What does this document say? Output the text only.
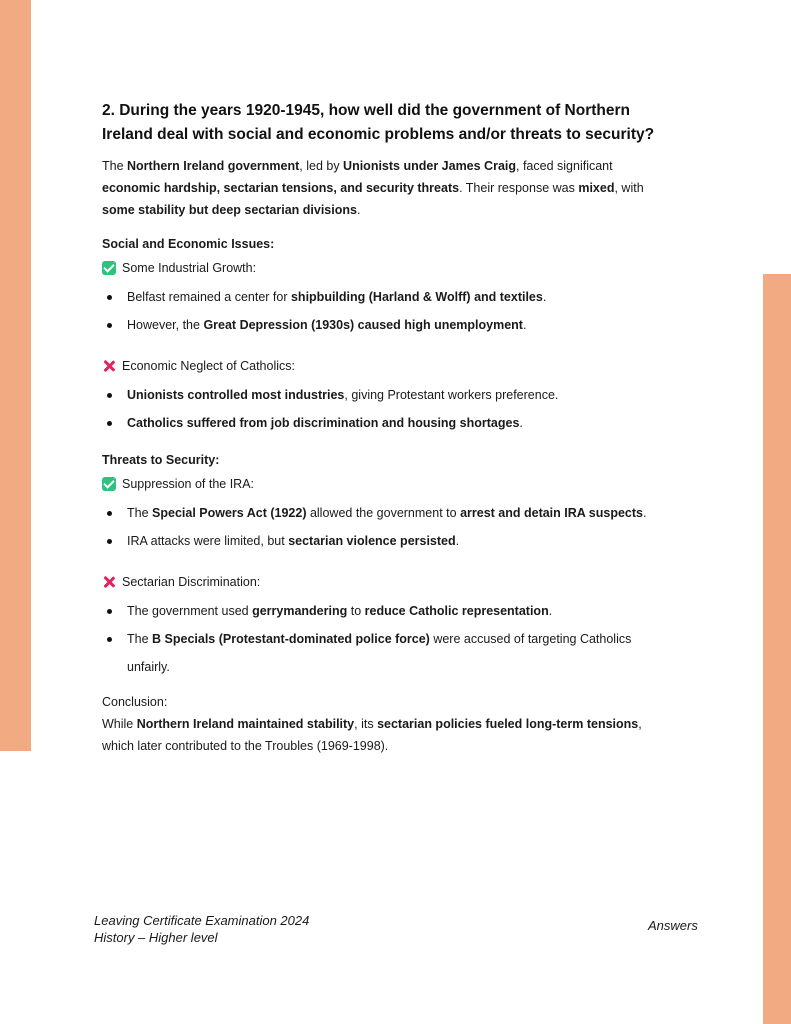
2. During the years 1920-1945, how well did the government of Northern Ireland deal with social and economic problems and/or threats to security?

The Northern Ireland government, led by Unionists under James Craig, faced significant economic hardship, sectarian tensions, and security threats. Their response was mixed, with some stability but deep sectarian divisions.

Social and Economic Issues:
Some Industrial Growth:
Belfast remained a center for shipbuilding (Harland & Wolff) and textiles.
However, the Great Depression (1930s) caused high unemployment.
Economic Neglect of Catholics:
Unionists controlled most industries, giving Protestant workers preference.
Catholics suffered from job discrimination and housing shortages.
Threats to Security:
Suppression of the IRA:
The Special Powers Act (1922) allowed the government to arrest and detain IRA suspects.
IRA attacks were limited, but sectarian violence persisted.
Sectarian Discrimination:
The government used gerrymandering to reduce Catholic representation.
The B Specials (Protestant-dominated police force) were accused of targeting Catholics unfairly.
Conclusion:

While Northern Ireland maintained stability, its sectarian policies fueled long-term tensions, which later contributed to the Troubles (1969-1998).

Leaving Certificate Examination 2024
History – Higher level
Answers
